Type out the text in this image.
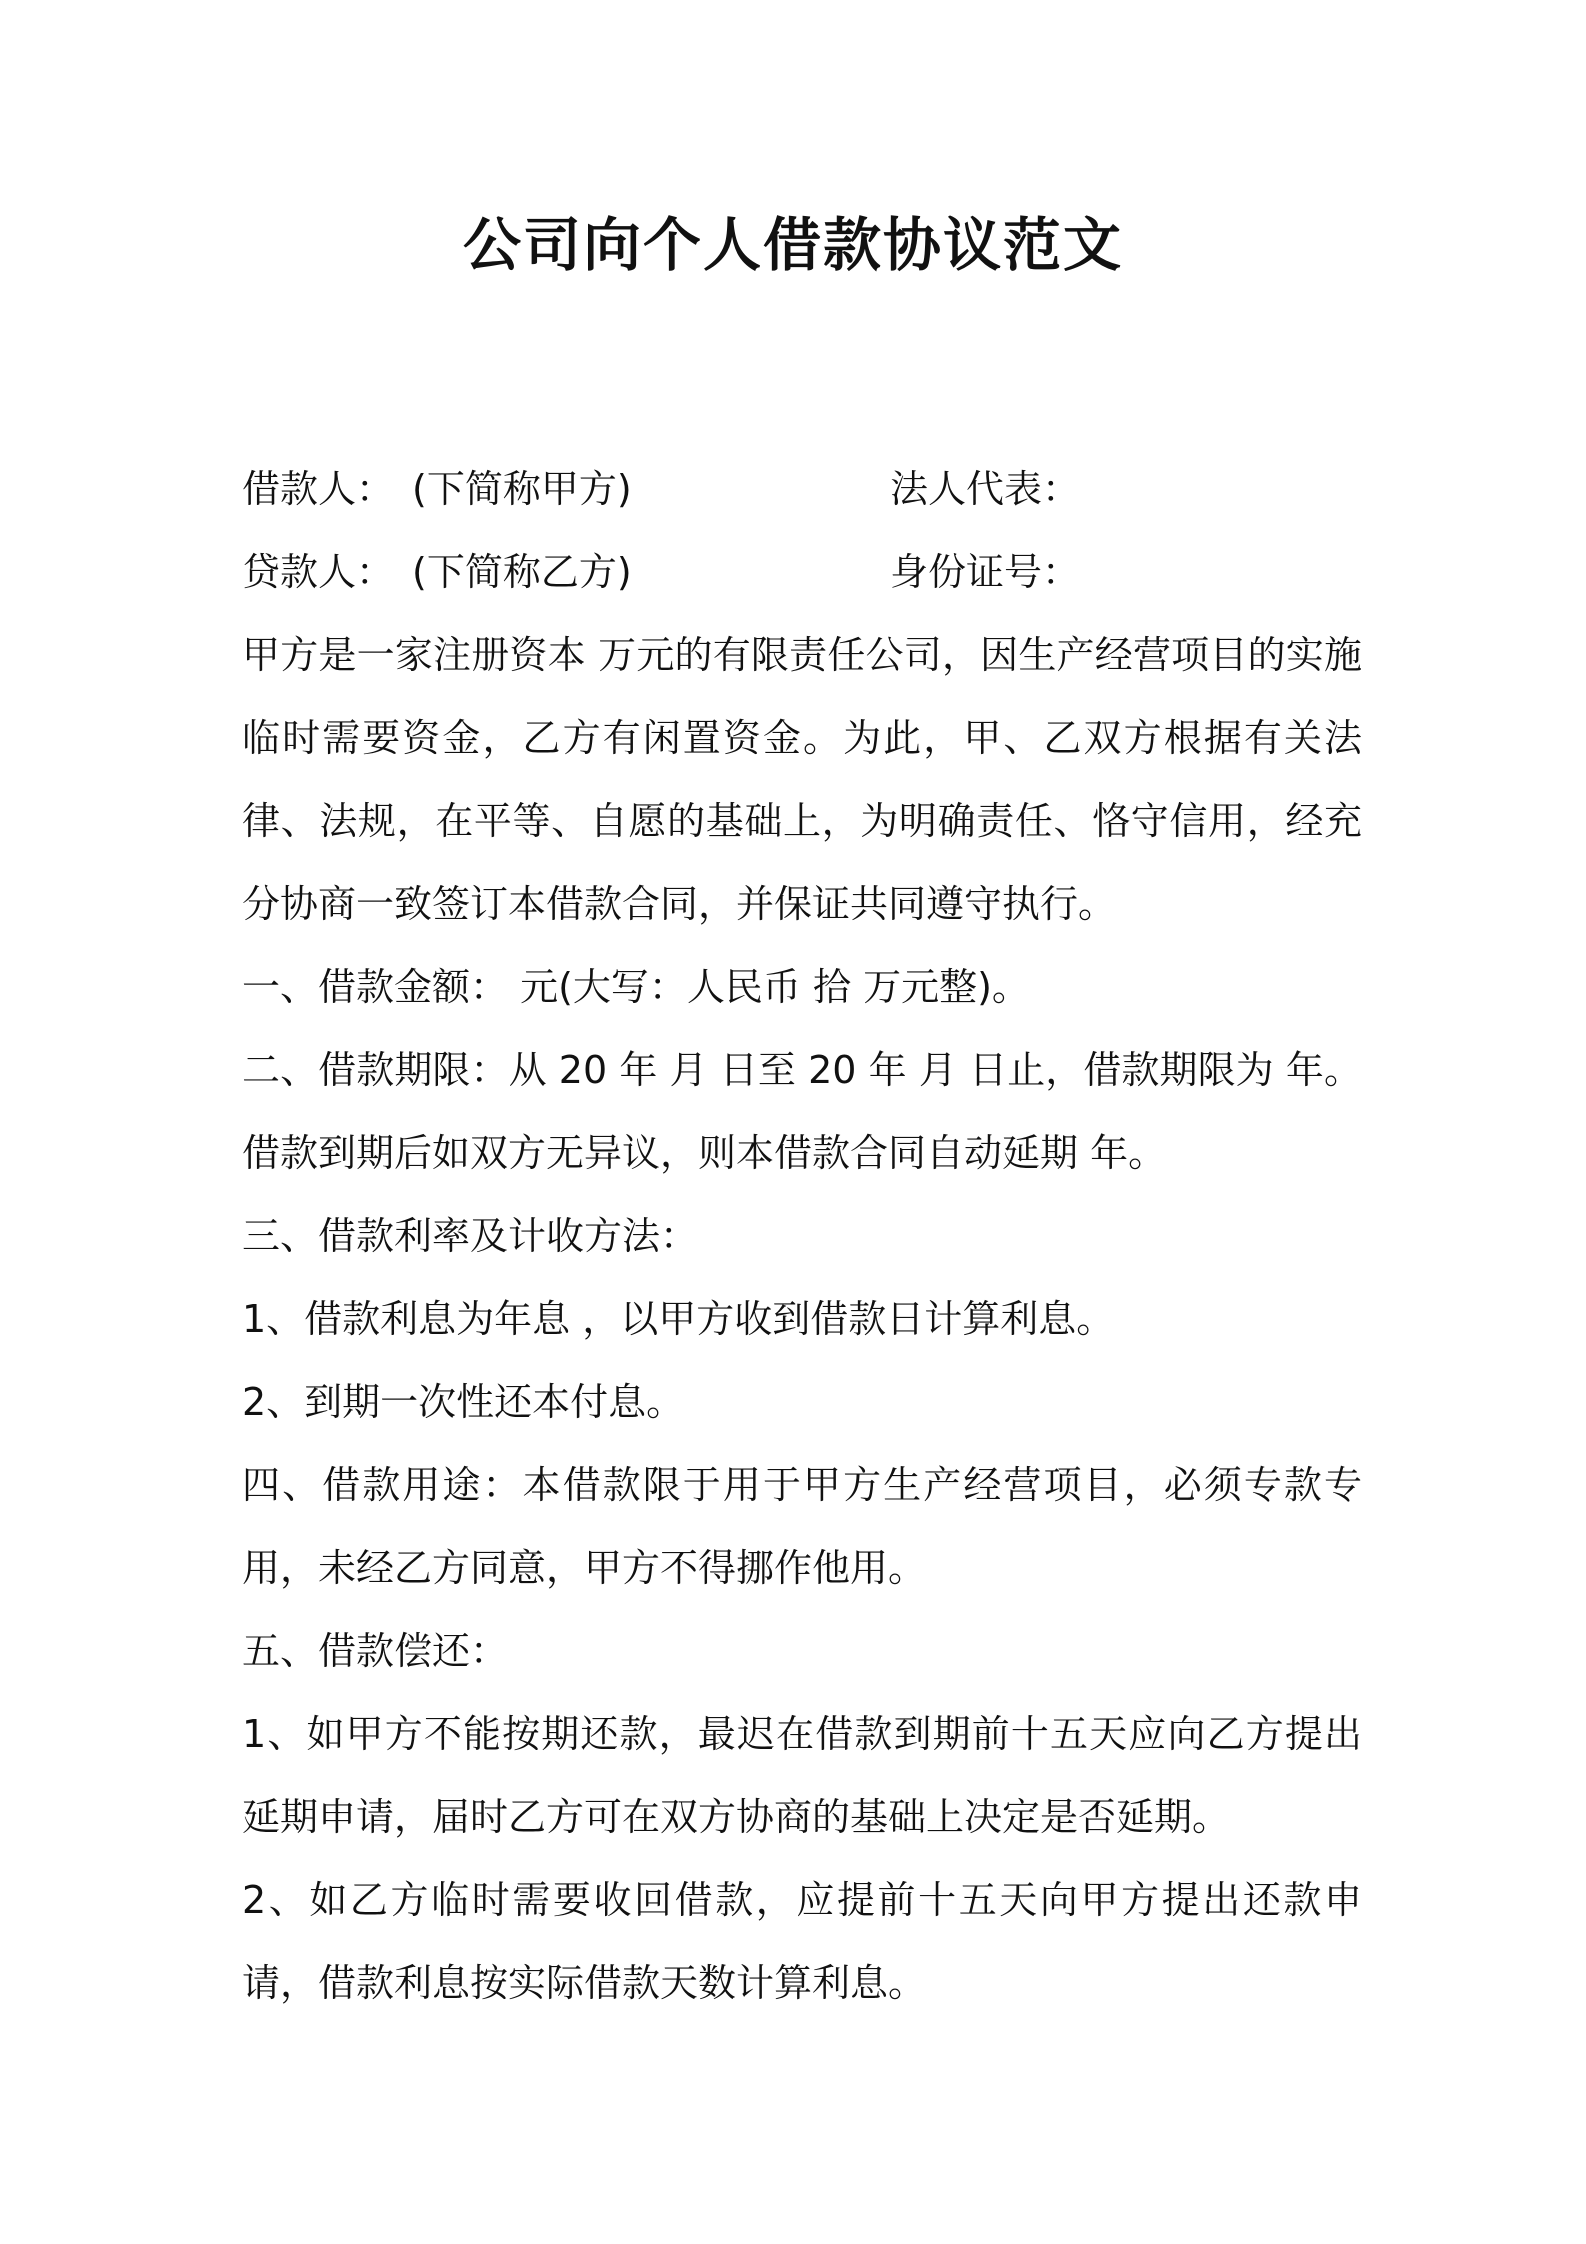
公司向个人借款协议范文
借款人： (下简称甲方)	法人代表：
贷款人： (下简称乙方)	身份证号：
甲方是一家注册资本 万元的有限责任公司，因生产经营项目的实施临时需要资金，乙方有闲置资金。为此，甲、乙双方根据有关法律、法规，在平等、自愿的基础上，为明确责任、恪守信用，经充分协商一致签订本借款合同，并保证共同遵守执行。
一、借款金额： 元(大写：人民币 拾 万元整)。
二、借款期限：从 20 年 月 日至 20 年 月 日止，借款期限为 年。借款到期后如双方无异议，则本借款合同自动延期 年。
三、借款利率及计收方法：
1、借款利息为年息 ，以甲方收到借款日计算利息。
2、到期一次性还本付息。
四、借款用途：本借款限于用于甲方生产经营项目，必须专款专用，未经乙方同意，甲方不得挪作他用。
五、借款偿还：
1、如甲方不能按期还款，最迟在借款到期前十五天应向乙方提出延期申请，届时乙方可在双方协商的基础上决定是否延期。
2、如乙方临时需要收回借款，应提前十五天向甲方提出还款申请，借款利息按实际借款天数计算利息。
